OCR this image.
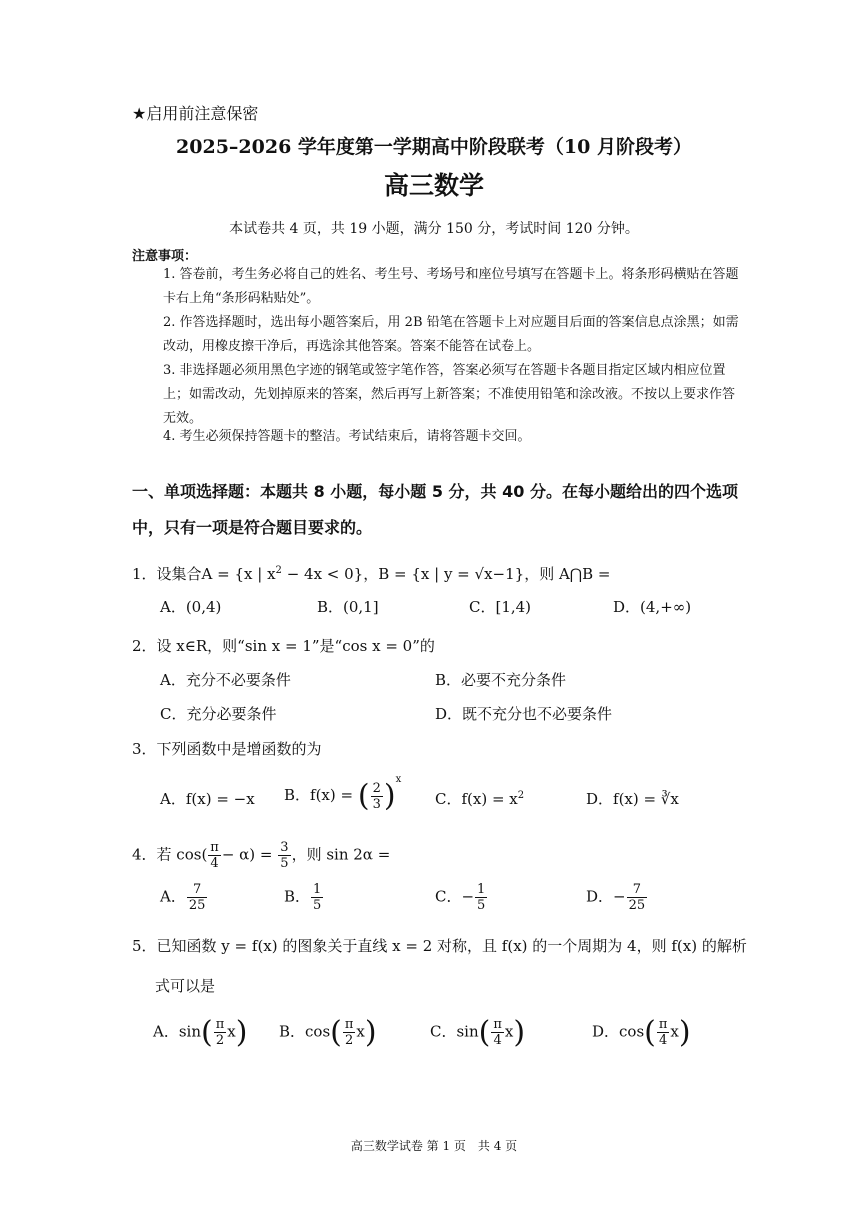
★启用前注意保密
2025–2026 学年度第一学期高中阶段联考（10 月阶段考）
高三数学
本试卷共 4 页，共 19 小题，满分 150 分，考试时间 120 分钟。
注意事项：
1. 答卷前，考生务必将自己的姓名、考生号、考场号和座位号填写在答题卡上。将条形码横贴在答题卡右上角“条形码粘贴处”。
2. 作答选择题时，选出每小题答案后，用 2B 铅笔在答题卡上对应题目后面的答案信息点涂黑；如需改动，用橡皮擦干净后，再选涂其他答案。答案不能答在试卷上。
3. 非选择题必须用黑色字迹的钢笔或签字笔作答，答案必须写在答题卡各题目指定区域内相应位置上；如需改动，先划掉原来的答案，然后再写上新答案；不准使用铅笔和涂改液。不按以上要求作答无效。
4. 考生必须保持答题卡的整洁。考试结束后，请将答题卡交回。
一、单项选择题：本题共 8 小题，每小题 5 分，共 40 分。在每小题给出的四个选项中，只有一项是符合题目要求的。
1．设集合A = {x | $x^2 - 4x < 0$}，B = {x | y = √x−1}，则 A⋂B =
A．(0,4)	B．(0,1]	C．[1,4)	D．(4,+∞)
2．设 x∈R，则“sin x = 1”是“cos x = 0”的
A．充分不必要条件	B．必要不充分条件
C．充分必要条件	D．既不充分也不必要条件
3．下列函数中是增函数的为
A．f(x) = −x B．f(x) = ( $\frac{2}{3} )^x$
C．$f(x) = x^2$	D．f(x) = ∛x
4．若 $\cos( \frac{\pi}{4} - \alpha) = \frac{3}{5}$ ，则 sin 2α =
A． $\frac{7}{25}$	B． $\frac{1}{5}$	C．− $\frac{1}{5}$	D．− $\frac{7}{25}$
5．已知函数 y = f(x) 的图象关于直线 x = 2 对称，且 f(x) 的一个周期为 4，则 f(x) 的解析
式可以是
A．$\sin( \frac{\pi}{2} x)$ B．$\cos( \frac{\pi}{2} x)$	C．$\sin( \frac{\pi}{4} x)$	D．$\cos( \frac{\pi}{4} x)$
高三数学试卷 第 1 页　共 4 页
